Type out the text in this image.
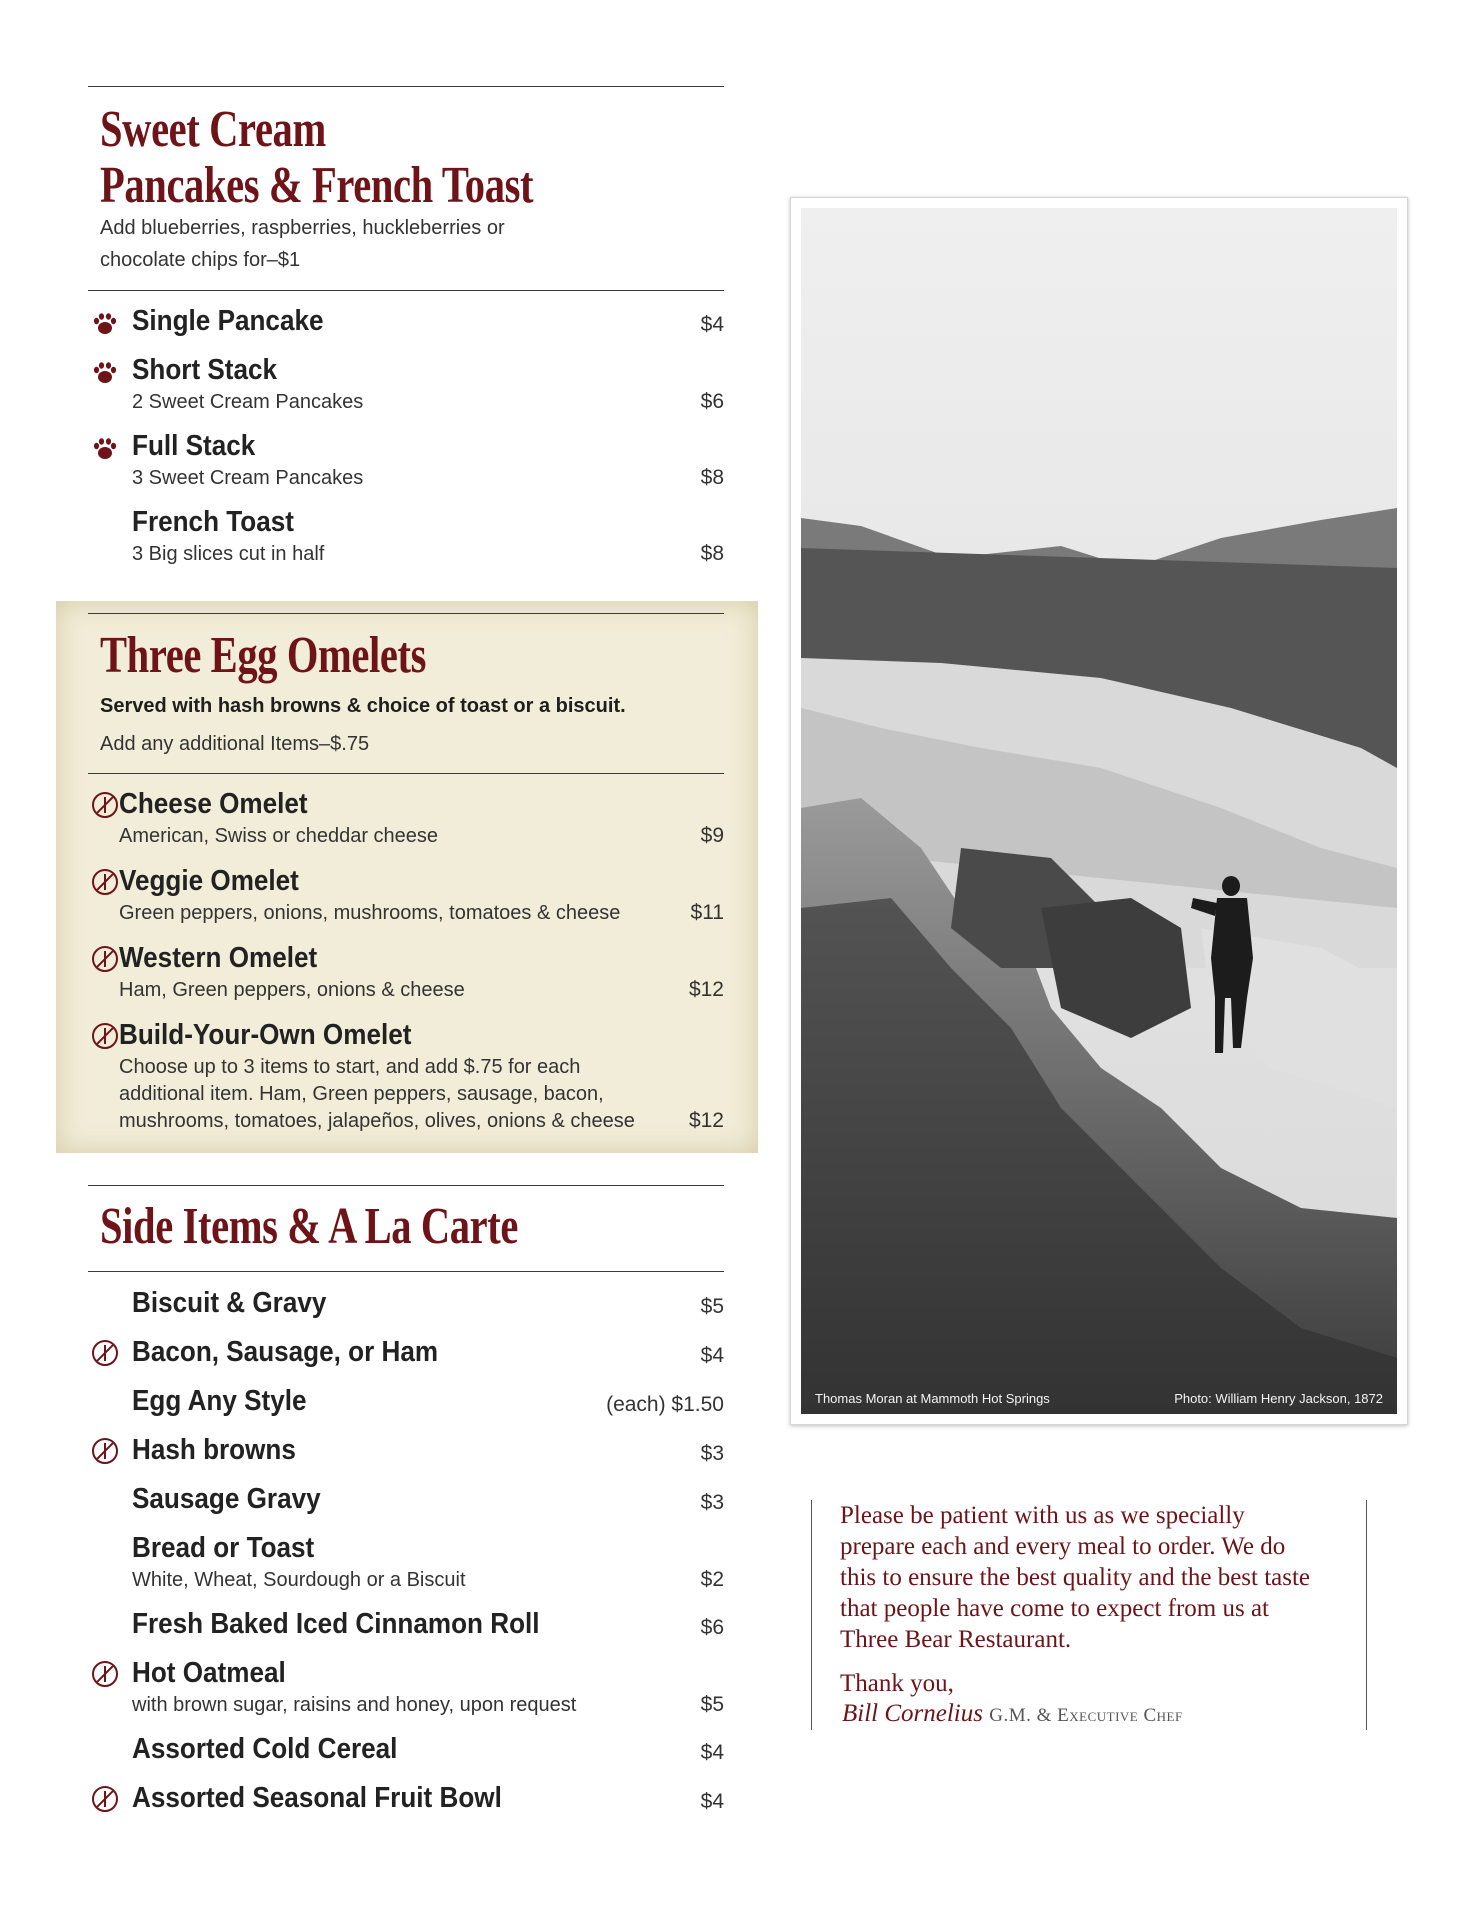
Sweet Cream
Pancakes & French Toast
Add blueberries, raspberries, huckleberries or
chocolate chips for–$1
Single Pancake	$4
Short Stack
2 Sweet Cream Pancakes	$6
Full Stack
3 Sweet Cream Pancakes	$8
French Toast
3 Big slices cut in half	$8
Three Egg Omelets
Served with hash browns & choice of toast or a biscuit.
Add any additional Items–$.75
Cheese Omelet
American, Swiss or cheddar cheese	$9
Veggie Omelet
Green peppers, onions, mushrooms, tomatoes & cheese	$11
Western Omelet
Ham, Green peppers, onions & cheese	$12
Build-Your-Own Omelet
Choose up to 3 items to start, and add $.75 for each
additional item. Ham, Green peppers, sausage, bacon,
mushrooms, tomatoes, jalapeños, olives, onions & cheese	$12
Side Items & A La Carte
Biscuit & Gravy	$5
Bacon, Sausage, or Ham	$4
Egg Any Style	(each) $1.50
Hash browns	$3
Sausage Gravy	$3
Bread or Toast
White, Wheat, Sourdough or a Biscuit	$2
Fresh Baked Iced Cinnamon Roll	$6
Hot Oatmeal
with brown sugar, raisins and honey, upon request	$5
Assorted Cold Cereal	$4
Assorted Seasonal Fruit Bowl	$4
Thomas Moran at Mammoth Hot Springs	Photo: William Henry Jackson, 1872
Please be patient with us as we specially
prepare each and every meal to order. We do
this to ensure the best quality and the best taste
that people have come to expect from us at
Three Bear Restaurant.
Thank you,
Bill Cornelius G.M. & Executive Chef
